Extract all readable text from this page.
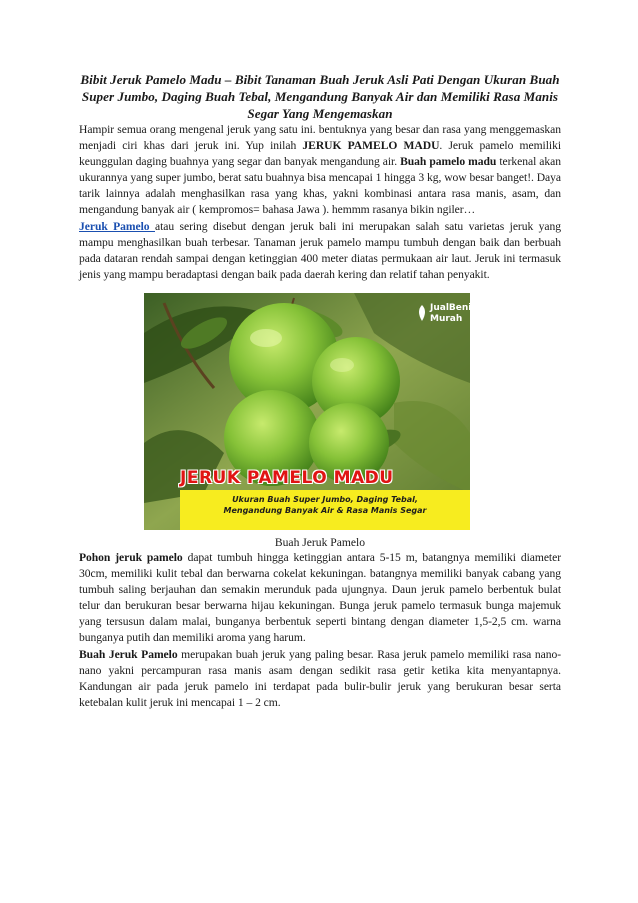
Bibit Jeruk Pamelo Madu – Bibit Tanaman Buah Jeruk Asli Pati Dengan Ukuran Buah Super Jumbo, Daging Buah Tebal, Mengandung Banyak Air dan Memiliki Rasa Manis Segar Yang Mengemaskan

Hampir semua orang mengenal jeruk yang satu ini. bentuknya yang besar dan rasa yang menggemaskan menjadi ciri khas dari jeruk ini. Yup inilah JERUK PAMELO MADU. Jeruk pamelo memiliki keunggulan daging buahnya yang segar dan banyak mengandung air. Buah pamelo madu terkenal akan ukurannya yang super jumbo, berat satu buahnya bisa mencapai 1 hingga 3 kg, wow besar banget!. Daya tarik lainnya adalah menghasilkan rasa yang khas, yakni kombinasi antara rasa manis, asam, dan mengandung banyak air ( kempromos= bahasa Jawa ). hemmm rasanya bikin ngiler…

Jeruk Pamelo atau sering disebut dengan jeruk bali ini merupakan salah satu varietas jeruk yang mampu menghasilkan buah terbesar. Tanaman jeruk pamelo mampu tumbuh dengan baik dan berbuah pada dataran rendah sampai dengan ketinggian 400 meter diatas permukaan air laut. Jeruk ini termasuk jenis yang mampu beradaptasi dengan baik pada daerah kering dan relatif tahan penyakit.

JualBenih
Murah
JERUK PAMELO MADU
Ukuran Buah Super Jumbo, Daging Tebal,
Mengandung Banyak Air & Rasa Manis Segar
Buah Jeruk Pamelo

Pohon jeruk pamelo dapat tumbuh hingga ketinggian antara 5-15 m, batangnya memiliki diameter 30cm, memiliki kulit tebal dan berwarna cokelat kekuningan. batangnya memiliki banyak cabang yang tumbuh saling berjauhan dan semakin merunduk pada ujungnya. Daun jeruk pamelo berbentuk bulat telur dan berukuran besar berwarna hijau kekuningan. Bunga jeruk pamelo termasuk bunga majemuk yang tersusun dalam malai, bunganya berbentuk seperti bintang dengan diameter 1,5-2,5 cm. warna bunganya putih dan memiliki aroma yang harum.

Buah Jeruk Pamelo merupakan buah jeruk yang paling besar. Rasa jeruk pamelo memiliki rasa nano-nano yakni percampuran rasa manis asam dengan sedikit rasa getir ketika kita menyantapnya. Kandungan air pada jeruk pamelo ini terdapat pada bulir-bulir jeruk yang berukuran besar serta ketebalan kulit jeruk ini mencapai 1 – 2 cm.
